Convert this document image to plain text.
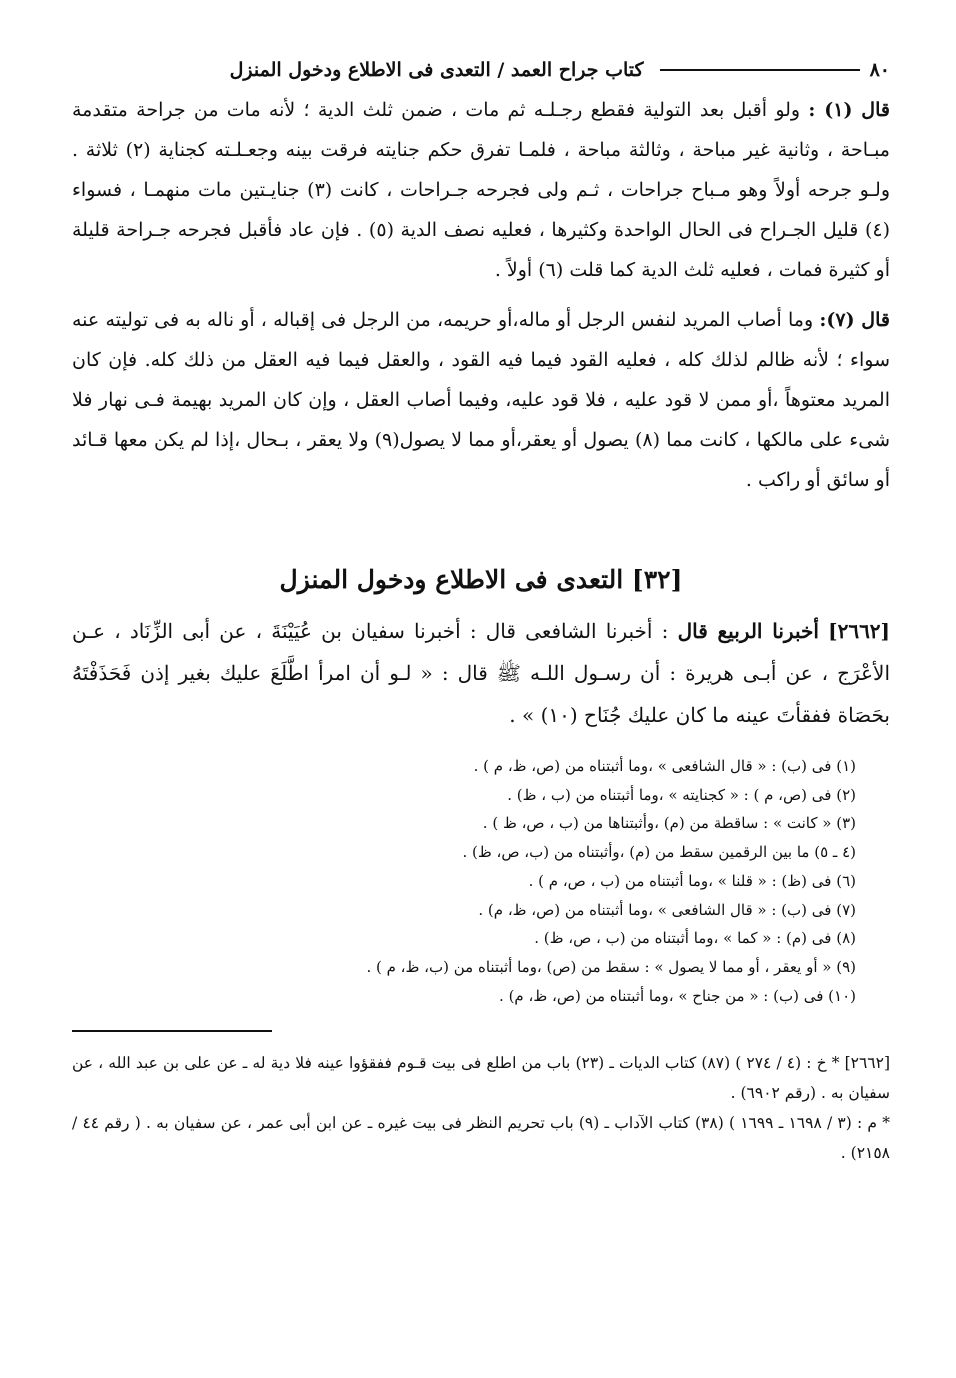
٨٠
كتاب جراح العمد / التعدى فى الاطلاع ودخول المنزل

قال (١) : ولو أقبل بعد التولية فقطع رجـلـه ثم مات ، ضمن ثلث الدية ؛ لأنه مات من جراحة متقدمة مبـاحة ، وثانية غير مباحة ، وثالثة مباحة ، فلمـا تفرق حكم جنايته فرقت بينه وجعـلـته كجناية (٢) ثلاثة . ولـو جرحه أولاً وهو مـباح جراحات ، ثـم ولى فجرحه جـراحات ، كانت (٣) جنايـتين مات منهمـا ، فسواء (٤) قليل الجـراح فى الحال الواحدة وكثيرها ، فعليه نصف الدية (٥) . فإن عاد فأقبل فجرحه جـراحة قليلة أو كثيرة فمات ، فعليه ثلث الدية كما قلت (٦) أولاً .

قال (٧): وما أصاب المريد لنفس الرجل أو ماله،أو حريمه، من الرجل فى إقباله ، أو ناله به فى توليته عنه سواء ؛ لأنه ظالم لذلك كله ، فعليه القود فيما فيه القود ، والعقل فيما فيه العقل من ذلك كله. فإن كان المريد معتوهاً ،أو ممن لا قود عليه ، فلا قود عليه، وفيما أصاب العقل ، وإن كان المريد بهيمة فـى نهار فلا شىء على مالكها ، كانت مما (٨) يصول أو يعقر،أو مما لا يصول(٩) ولا يعقر ، بـحال ،إذا لم يكن معها قـائد أو سائق أو راكب .

[٣٢] التعدى فى الاطلاع ودخول المنزل

[٢٦٦٢] أخبرنا الربيع قال : أخبرنا الشافعى قال : أخبرنا سفيان بن عُيَيْنَةَ ، عن أبى الزِّنَاد ، عـن الأعْرَج ، عن أبـى هريرة : أن رسـول اللـه ﷺ قال : « لـو أن امرأ اطَّلَعَ عليك بغير إذن فَحَذَفْتَهُ بحَصَاة ففقأتَ عينه ما كان عليك جُنَاح (١٠) » .

(١) فى (ب) : « قال الشافعى » ،وما أثبتناه من (ص، ظ، م ) .
(٢) فى (ص، م ) : « كجنايته » ،وما أثبتناه من (ب ، ظ) .
(٣) « كانت » : ساقطة من (م) ،وأثبتناها من (ب ، ص، ظ ) .
(٤ ـ ٥) ما بين الرقمين سقط من (م) ،وأثبتناه من (ب، ص، ظ) .
(٦) فى (ظ) : « قلنا » ،وما أثبتناه من (ب ، ص، م ) .
(٧) فى (ب) : « قال الشافعى » ،وما أثبتناه من (ص، ظ، م) .
(٨) فى (م) : « كما » ،وما أثبتناه من (ب ، ص، ظ) .
(٩) « أو يعقر ، أو مما لا يصول » : سقط من (ص) ،وما أثبتناه من (ب، ظ، م ) .
(١٠) فى (ب) : « من جناح » ،وما أثبتناه من (ص، ظ، م) .

[٢٦٦٢] * خ : (٤ / ٢٧٤ ) (٨٧) كتاب الديات ـ (٢٣) باب من اطلع فى بيت قـوم ففقؤوا عينه فلا دية له ـ عن على بن عبد الله ، عن سفيان به . (رقم ٦٩٠٢) .

* م : (٣ / ١٦٩٨ ـ ١٦٩٩ ) (٣٨) كتاب الآداب ـ (٩) باب تحريم النظر فى بيت غيره ـ عن ابن أبى عمر ، عن سفيان به . ( رقم ٤٤ / ٢١٥٨) .
